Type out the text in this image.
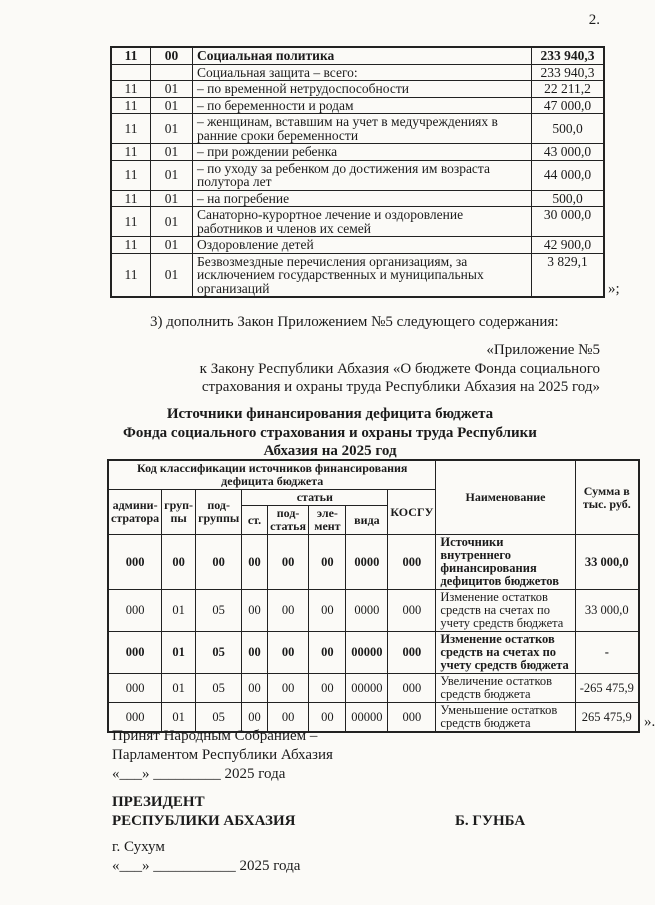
2.
11	00	Социальная политика	233 940,3
		Социальная защита – всего:	233 940,3
11	01	– по временной нетрудоспособности	22 211,2
11	01	– по беременности и родам	47 000,0
11	01	– женщинам, вставшим на учет в медучреждениях в ранние сроки беременности	500,0
11	01	– при рождении ребенка	43 000,0
11	01	– по уходу за ребенком до достижения им возраста полутора лет	44 000,0
11	01	– на погребение	500,0
11	01	Санаторно-курортное лечение и оздоровление работников и членов их семей	30 000,0
11	01	Оздоровление детей	42 900,0
11	01	Безвозмездные перечисления организациям, за исключением государственных и муниципальных организаций	3 829,1
»;
3) дополнить Закон Приложением №5 следующего содержания:
«Приложение №5
к Закону Республики Абхазия «О бюджете Фонда социального
страхования и охраны труда Республики Абхазия на 2025 год»
Источники финансирования дефицита бюджета
Фонда социального страхования и охраны труда Республики
Абхазия на 2025 год
Код классификации источников финансирования дефицита бюджета								Наименование	Сумма в тыс. руб.
админи-стратора	груп-пы	под-группы	статьи				КОСГУ		
			ст.	под-статья	эле-мент	вида			
000	00	00	00	00	00	0000	000	Источники внутреннего финансирования дефицитов бюджетов	33 000,0
000	01	05	00	00	00	0000	000	Изменение остатков средств на счетах по учету средств бюджета	33 000,0
000	01	05	00	00	00	00000	000	Изменение остатков средств на счетах по учету средств бюджета	-
000	01	05	00	00	00	00000	000	Увеличение остатков средств бюджета	-265 475,9
000	01	05	00	00	00	00000	000	Уменьшение остатков средств бюджета	265 475,9 ».
Принят Народным Собранием –
Парламентом Республики Абхазия
«___» _________ 2025 года
ПРЕЗИДЕНТ
РЕСПУБЛИКИ АБХАЗИЯ	Б. ГУНБА
г. Сухум
«___» ___________ 2025 года
